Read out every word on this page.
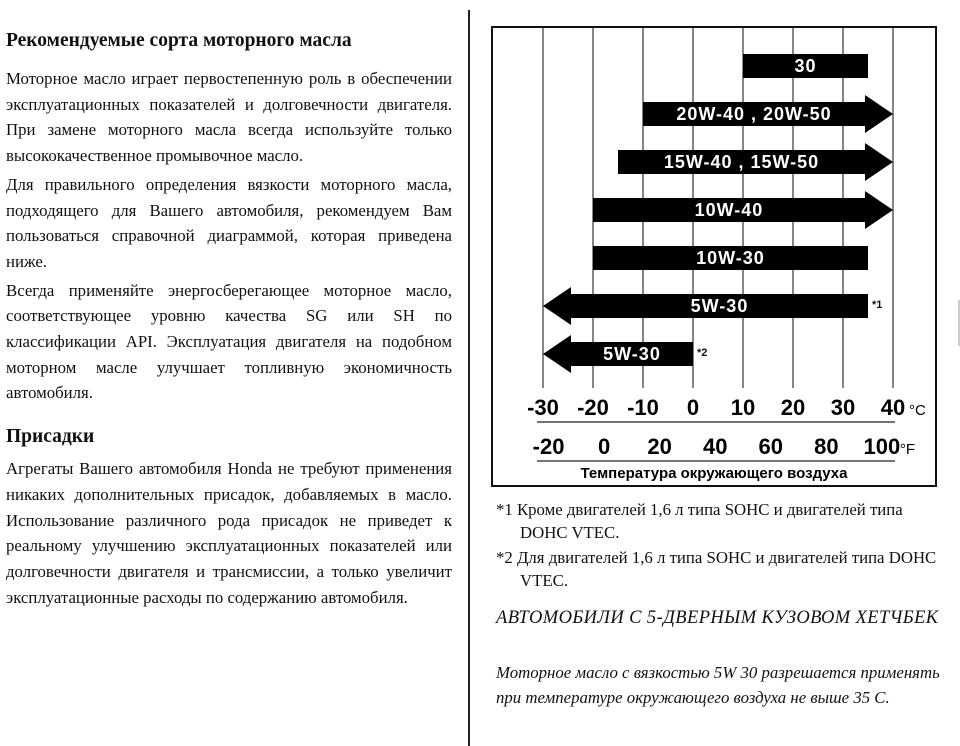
Рекомендуемые сорта моторного масла

Моторное масло играет первостепенную роль в обеспечении эксплуатационных показателей и долговечности двигателя. При замене моторного масла всегда используйте только высококачественное промывочное масло.

Для правильного определения вязкости моторного масла, подходящего для Вашего автомобиля, рекомендуем Вам пользоваться справочной диаграммой, которая приведена ниже.

Всегда применяйте энергосберегающее моторное масло, соответствующее уровню качества SG или SH по классификации API. Эксплуатация двигателя на подобном моторном масле улучшает топливную экономичность автомобиля.

Присадки

Агрегаты Вашего автомобиля Honda не требуют применения никаких дополнительных присадок, добавляемых в масло. Использование различного рода присадок не приведет к реальному улучшению эксплуатационных показателей или долговечности двигателя и трансмиссии, а только увеличит эксплуатационные расходы по содержанию автомобиля.

30
20W-40 , 20W-50
15W-40 , 15W-50
10W-40
10W-30
5W-30	*1
5W-30	*2
-30 -20 -10 0 10 20 30 40 °C
-20 0 20 40 60 80 100 °F
Температура окружающего воздуха
*1 Кроме двигателей 1,6 л типа SOHC и двигателей типа DOHC VTEC.
*2 Для двигателей 1,6 л типа SOHC и двигателей типа DOHC VTEC.
АВТОМОБИЛИ С 5-ДВЕРНЫМ КУЗОВОМ ХЕТЧБЕК
Моторное масло с вязкостью 5W 30 разрешается применять при температуре окружающего воздуха не выше 35 С.
